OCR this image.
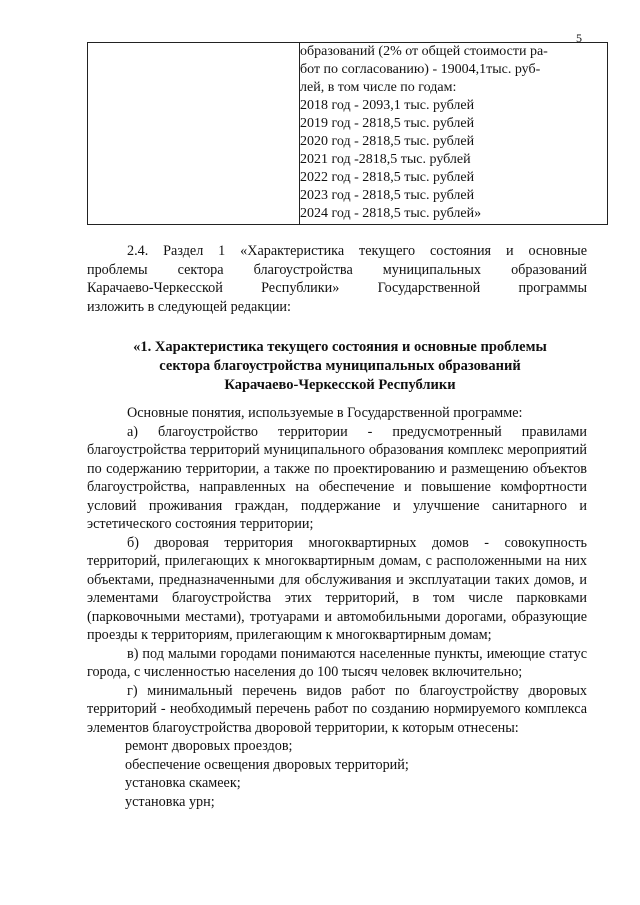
5

образований (2% от общей стоимости ра-
бот по согласованию) - 19004,1тыс. руб-
лей, в том числе по годам:
2018 год - 2093,1 тыс. рублей
2019 год - 2818,5 тыс. рублей
2020 год - 2818,5 тыс. рублей
2021 год -2818,5 тыс. рублей
2022 год - 2818,5 тыс. рублей
2023 год - 2818,5 тыс. рублей
2024 год - 2818,5 тыс. рублей»
2.4. Раздел 1 «Характеристика текущего состояния и основные
проблемы сектора благоустройства муниципальных образований
Карачаево-Черкесской Республики» Государственной программы
изложить в следующей редакции:
«1. Характеристика текущего состояния и основные проблемы
сектора благоустройства муниципальных образований
Карачаево-Черкесской Республики
Основные понятия, используемые в Государственной программе:
а) благоустройство территории - предусмотренный правилами благоустройства территорий муниципального образования комплекс мероприятий по содержанию территории, а также по проектированию и размещению объектов благоустройства, направленных на обеспечение и повышение комфортности условий проживания граждан, поддержание и улучшение санитарного и эстетического состояния территории;
б) дворовая территория многоквартирных домов - совокупность территорий, прилегающих к многоквартирным домам, с расположенными на них объектами, предназначенными для обслуживания и эксплуатации таких домов, и элементами благоустройства этих территорий, в том числе парковками (парковочными местами), тротуарами и автомобильными дорогами, образующие проезды к территориям, прилегающим к многоквартирным домам;
в) под малыми городами понимаются населенные пункты, имеющие статус города, с численностью населения до 100 тысяч человек включительно;
г) минимальный перечень видов работ по благоустройству дворовых территорий - необходимый перечень работ по созданию нормируемого комплекса элементов благоустройства дворовой территории, к которым отнесены:
ремонт дворовых проездов;
обеспечение освещения дворовых территорий;
установка скамеек;
установка урн;
